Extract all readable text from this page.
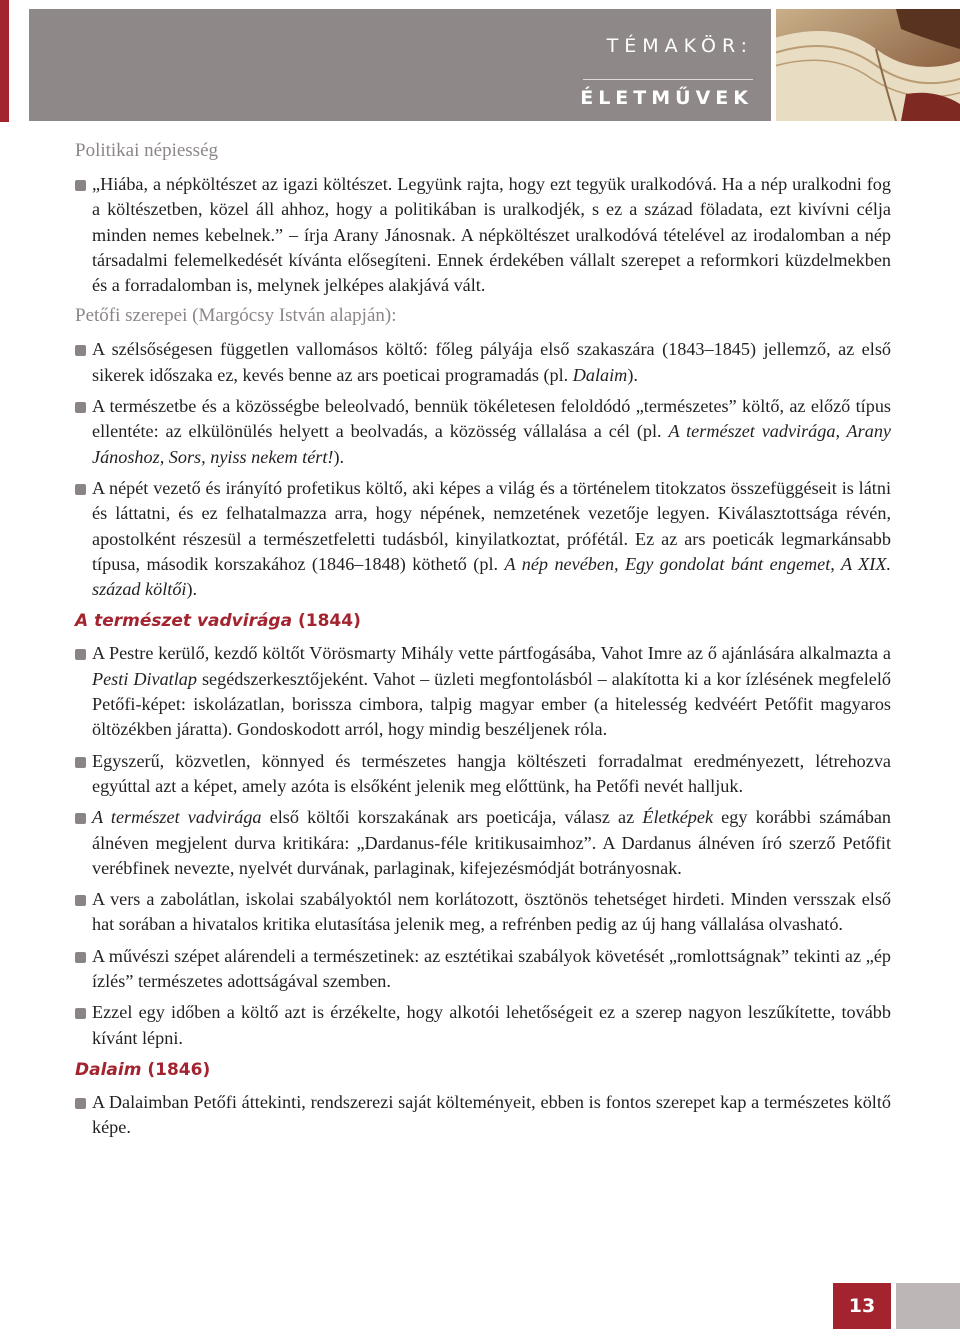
TÉMAKÖR:
ÉLETMŰVEK
Politikai népiesség
„Hiába, a népköltészet az igazi költészet. Legyünk rajta, hogy ezt tegyük uralkodóvá. Ha a nép uralkodni fog a költészetben, közel áll ahhoz, hogy a politikában is uralkodjék, s ez a század föladata, ezt kivívni célja minden nemes kebelnek.” – írja Arany Jánosnak. A népköltészet uralkodóvá tételével az irodalomban a nép társadalmi felemelkedését kívánta elősegíteni. Ennek érdekében vállalt szerepet a reformkori küzdelmekben és a forradalomban is, melynek jelképes alakjává vált.
Petőfi szerepei (Margócsy István alapján):
A szélsőségesen független vallomásos költő: főleg pályája első szakaszára (1843–1845) jellemző, az első sikerek időszaka ez, kevés benne az ars poeticai programadás (pl. Dalaim).
A természetbe és a közösségbe beleolvadó, bennük tökéletesen feloldódó „természetes” költő, az előző típus ellentéte: az elkülönülés helyett a beolvadás, a közösség vállalása a cél (pl. A természet vadvirága, Arany Jánoshoz, Sors, nyiss nekem tért!).
A népét vezető és irányító profetikus költő, aki képes a világ és a történelem titokzatos összefüggéseit is látni és láttatni, és ez felhatalmazza arra, hogy népének, nemzetének vezetője legyen. Kiválasztottsága révén, apostolként részesül a természetfeletti tudásból, kinyilatkoztat, prófétál. Ez az ars poeticák legmarkánsabb típusa, második korszakához (1846–1848) köthető (pl. A nép nevében, Egy gondolat bánt engemet, A XIX. század költői).
A természet vadvirága (1844)
A Pestre kerülő, kezdő költőt Vörösmarty Mihály vette pártfogásába, Vahot Imre az ő ajánlására alkalmazta a Pesti Divatlap segédszerkesztőjeként. Vahot – üzleti megfontolásból – alakította ki a kor ízlésének megfelelő Petőfi-képet: iskolázatlan, borissza cimbora, talpig magyar ember (a hitelesség kedvéért Petőfit magyaros öltözékben járatta). Gondoskodott arról, hogy mindig beszéljenek róla.
Egyszerű, közvetlen, könnyed és természetes hangja költészeti forradalmat eredményezett, létrehozva egyúttal azt a képet, amely azóta is elsőként jelenik meg előttünk, ha Petőfi nevét halljuk.
A természet vadvirága első költői korszakának ars poeticája, válasz az Életképek egy korábbi számában álnéven megjelent durva kritikára: „Dardanus-féle kritikusaimhoz”. A Dardanus álnéven író szerző Petőfit verébfinek nevezte, nyelvét durvának, parlaginak, kifejezésmódját botrányosnak.
A vers a zabolátlan, iskolai szabályoktól nem korlátozott, ösztönös tehetséget hirdeti. Minden versszak első hat sorában a hivatalos kritika elutasítása jelenik meg, a refrénben pedig az új hang vállalása olvasható.
A művészi szépet alárendeli a természetinek: az esztétikai szabályok követését „romlottságnak” tekinti az „ép ízlés” természetes adottságával szemben.
Ezzel egy időben a költő azt is érzékelte, hogy alkotói lehetőségeit ez a szerep nagyon leszűkítette, tovább kívánt lépni.
Dalaim (1846)
A Dalaimban Petőfi áttekinti, rendszerezi saját költeményeit, ebben is fontos szerepet kap a természetes költő képe.
13
